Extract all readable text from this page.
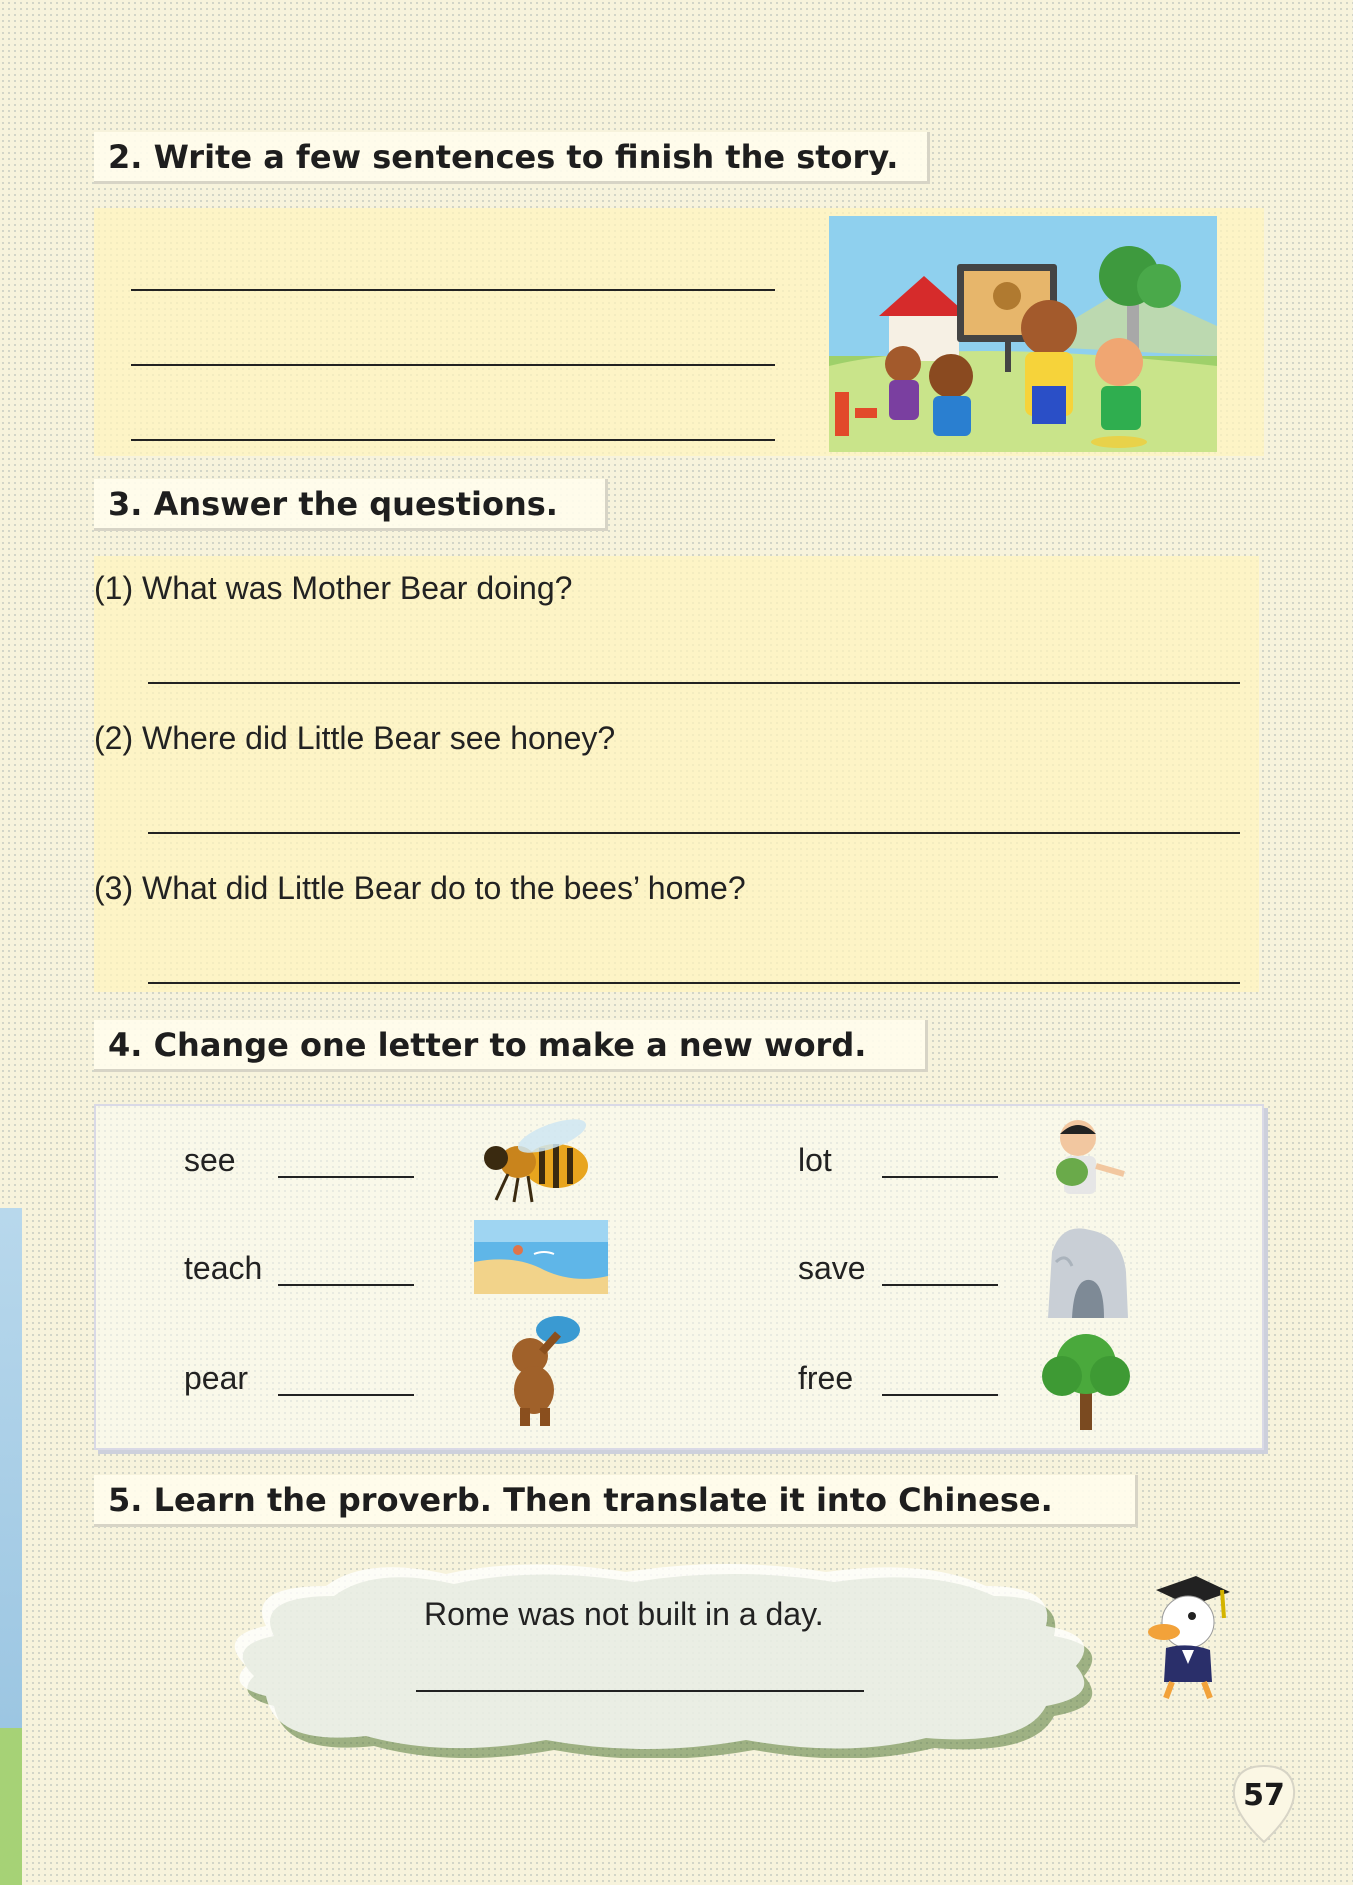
2. Write a few sentences to finish the story.
3. Answer the questions.
(1) What was Mother Bear doing?
(2) Where did Little Bear see honey?
(3) What did Little Bear do to the bees’ home?
4. Change one letter to make a new word.
see
teach
pear
lot
save
free
5. Learn the proverb. Then translate it into Chinese.
Rome was not built in a day.
57
